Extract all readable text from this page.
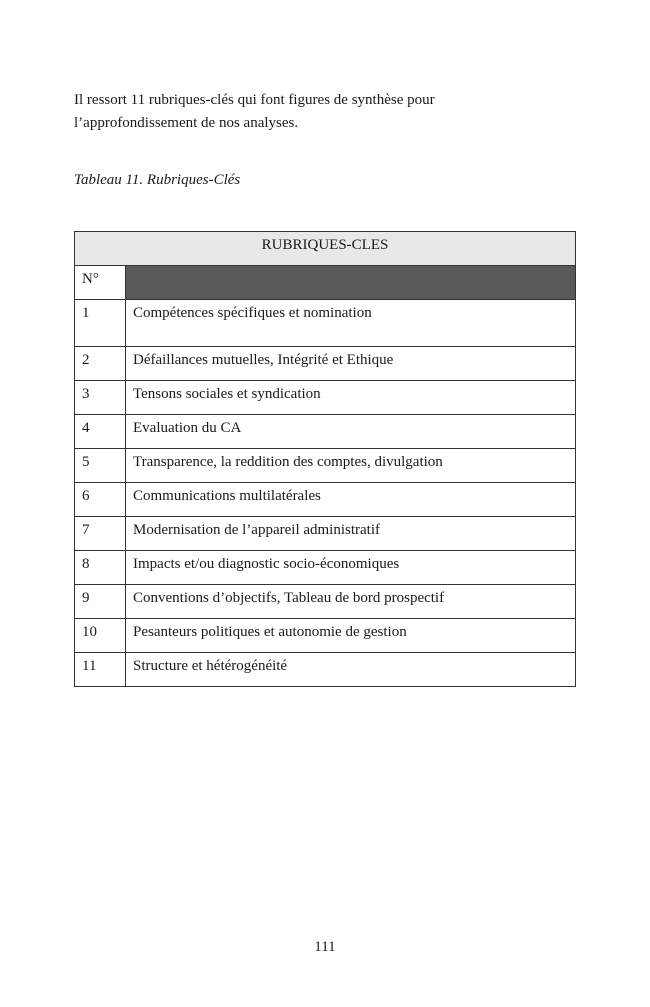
Il ressort 11 rubriques-clés qui font figures de synthèse pour

l’approfondissement de nos analyses.

Tableau 11. Rubriques-Clés
RUBRIQUES-CLES	
N°	
1	Compétences spécifiques et nomination
2	Défaillances mutuelles, Intégrité et Ethique
3	Tensons sociales et syndication
4	Evaluation du CA
5	Transparence, la reddition des comptes, divulgation
6	Communications multilatérales
7	Modernisation de l’appareil administratif
8	Impacts et/ou diagnostic socio-économiques
9	Conventions d’objectifs, Tableau de bord prospectif
10	Pesanteurs politiques et autonomie de gestion
11	Structure et hétérogénéité
111
